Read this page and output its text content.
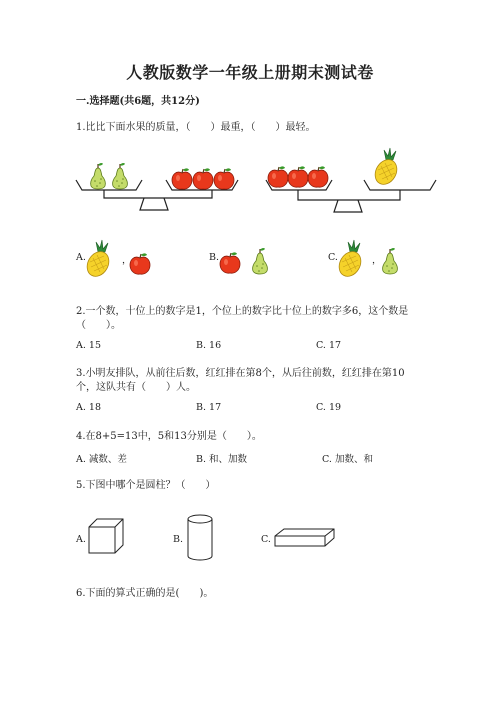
人教版数学一年级上册期末测试卷
一.选择题(共6题，共12分)
1.比比下面水果的质量，（　　）最重，（　　）最轻。
A.	，	B.	C.	，
2.一个数，十位上的数字是1，个位上的数字比十位上的数字多6，这个数是
（　　）。
A. 15	B. 16	C. 17
3.小明友排队，从前往后数，红红排在第8个，从后往前数，红红排在第10
个，这队共有（　　）人。
A. 18	B. 17	C. 19
4.在8+5=13中，5和13分别是（　　）。
A. 减数、差	B. 和、加数	C. 加数、和
5.下图中哪个是圆柱？（　　）
A.	B.	C.
6.下面的算式正确的是(　　)。
